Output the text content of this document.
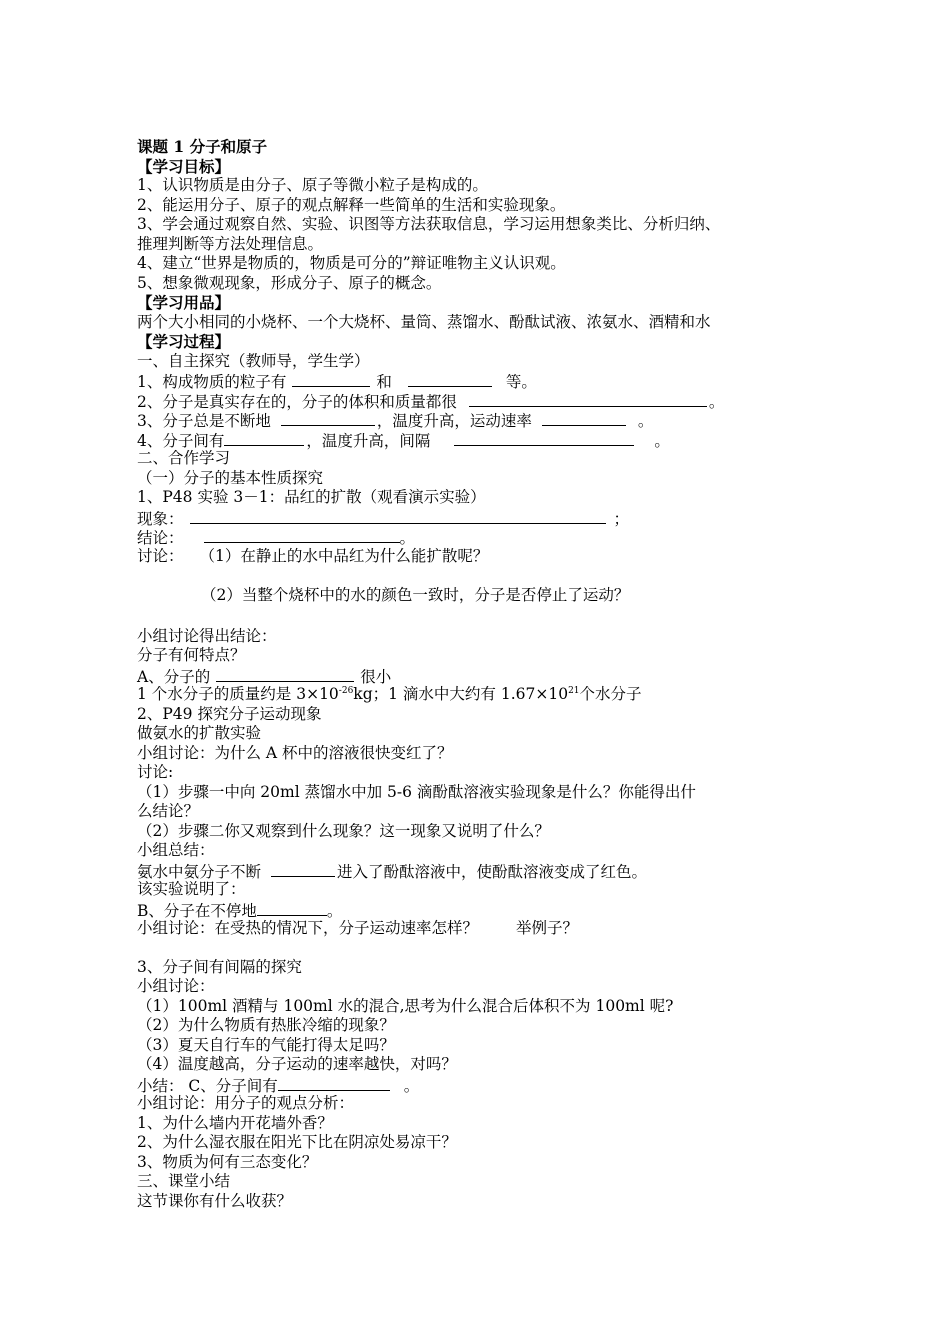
课题 1 分子和原子
【学习目标】
1、认识物质是由分子、原子等微小粒子是构成的。
2、能运用分子、原子的观点解释一些简单的生活和实验现象。
3、学会通过观察自然、实验、识图等方法获取信息，学习运用想象类比、分析归纳、
推理判断等方法处理信息。
4、建立“世界是物质的，物质是可分的”辩证唯物主义认识观。
5、想象微观现象，形成分子、原子的概念。
【学习用品】
两个大小相同的小烧杯、一个大烧杯、量筒、蒸馏水、酚酞试液、浓氨水、酒精和水
【学习过程】
一、自主探究（教师导，学生学）
1、构成物质的粒子有	和	等。
2、分子是真实存在的，分子的体积和质量都很	。
3、分子总是不断地	，温度升高，运动速率	。
4、分子间有	，温度升高，间隔	。
二、合作学习
（一）分子的基本性质探究
1、P48 实验 3－1：品红的扩散（观看演示实验）
现象：	；
结论：	。
讨论： （1）在静止的水中品红为什么能扩散呢？
（2）当整个烧杯中的水的颜色一致时，分子是否停止了运动？
小组讨论得出结论：
分子有何特点？
A、分子的	很小
1 个水分子的质量约是 $3\times 10^{-26}kg$；1 滴水中大约有 $1.67\times 10^{21}$个水分子
2、P49 探究分子运动现象
做氨水的扩散实验
小组讨论：为什么 A 杯中的溶液很快变红了？
讨论:
（1）步骤一中向 20ml 蒸馏水中加 5-6 滴酚酞溶液实验现象是什么？你能得出什
么结论？
（2）步骤二你又观察到什么现象？这一现象又说明了什么？
小组总结：
氨水中氨分子不断	进入了酚酞溶液中，使酚酞溶液变成了红色。
该实验说明了：
B、分子在不停地	。
小组讨论：在受热的情况下，分子运动速率怎样？ 举例子？
3、分子间有间隔的探究
小组讨论：
（1）100ml 酒精与 100ml 水的混合,思考为什么混合后体积不为 100ml 呢?
（2）为什么物质有热胀冷缩的现象？
（3）夏天自行车的气能打得太足吗？
（4）温度越高，分子运动的速率越快，对吗？
小结： C、分子间有	。
小组讨论：用分子的观点分析：
1、为什么墙内开花墙外香？
2、为什么湿衣服在阳光下比在阴凉处易凉干？
3、物质为何有三态变化？
三、课堂小结
这节课你有什么收获？
